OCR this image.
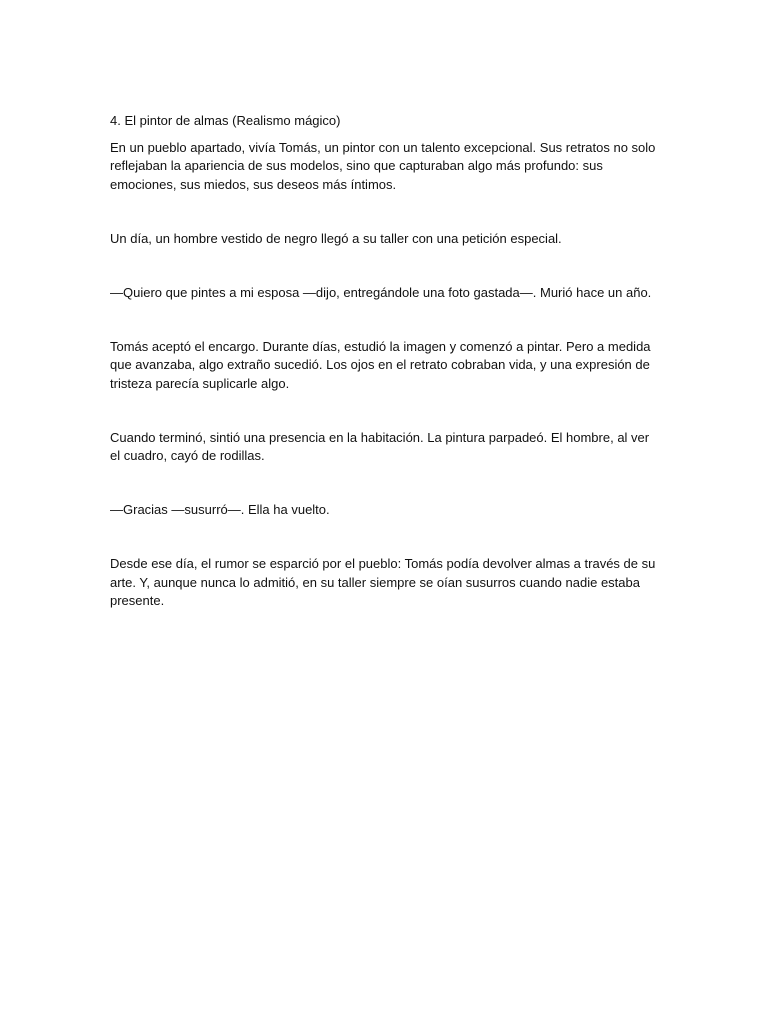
4. El pintor de almas (Realismo mágico)

En un pueblo apartado, vivía Tomás, un pintor con un talento excepcional. Sus retratos no solo reflejaban la apariencia de sus modelos, sino que capturaban algo más profundo: sus emociones, sus miedos, sus deseos más íntimos.

Un día, un hombre vestido de negro llegó a su taller con una petición especial.

—Quiero que pintes a mi esposa —dijo, entregándole una foto gastada—. Murió hace un año.

Tomás aceptó el encargo. Durante días, estudió la imagen y comenzó a pintar. Pero a medida que avanzaba, algo extraño sucedió. Los ojos en el retrato cobraban vida, y una expresión de tristeza parecía suplicarle algo.

Cuando terminó, sintió una presencia en la habitación. La pintura parpadeó. El hombre, al ver el cuadro, cayó de rodillas.

—Gracias —susurró—. Ella ha vuelto.

Desde ese día, el rumor se esparció por el pueblo: Tomás podía devolver almas a través de su arte. Y, aunque nunca lo admitió, en su taller siempre se oían susurros cuando nadie estaba presente.
